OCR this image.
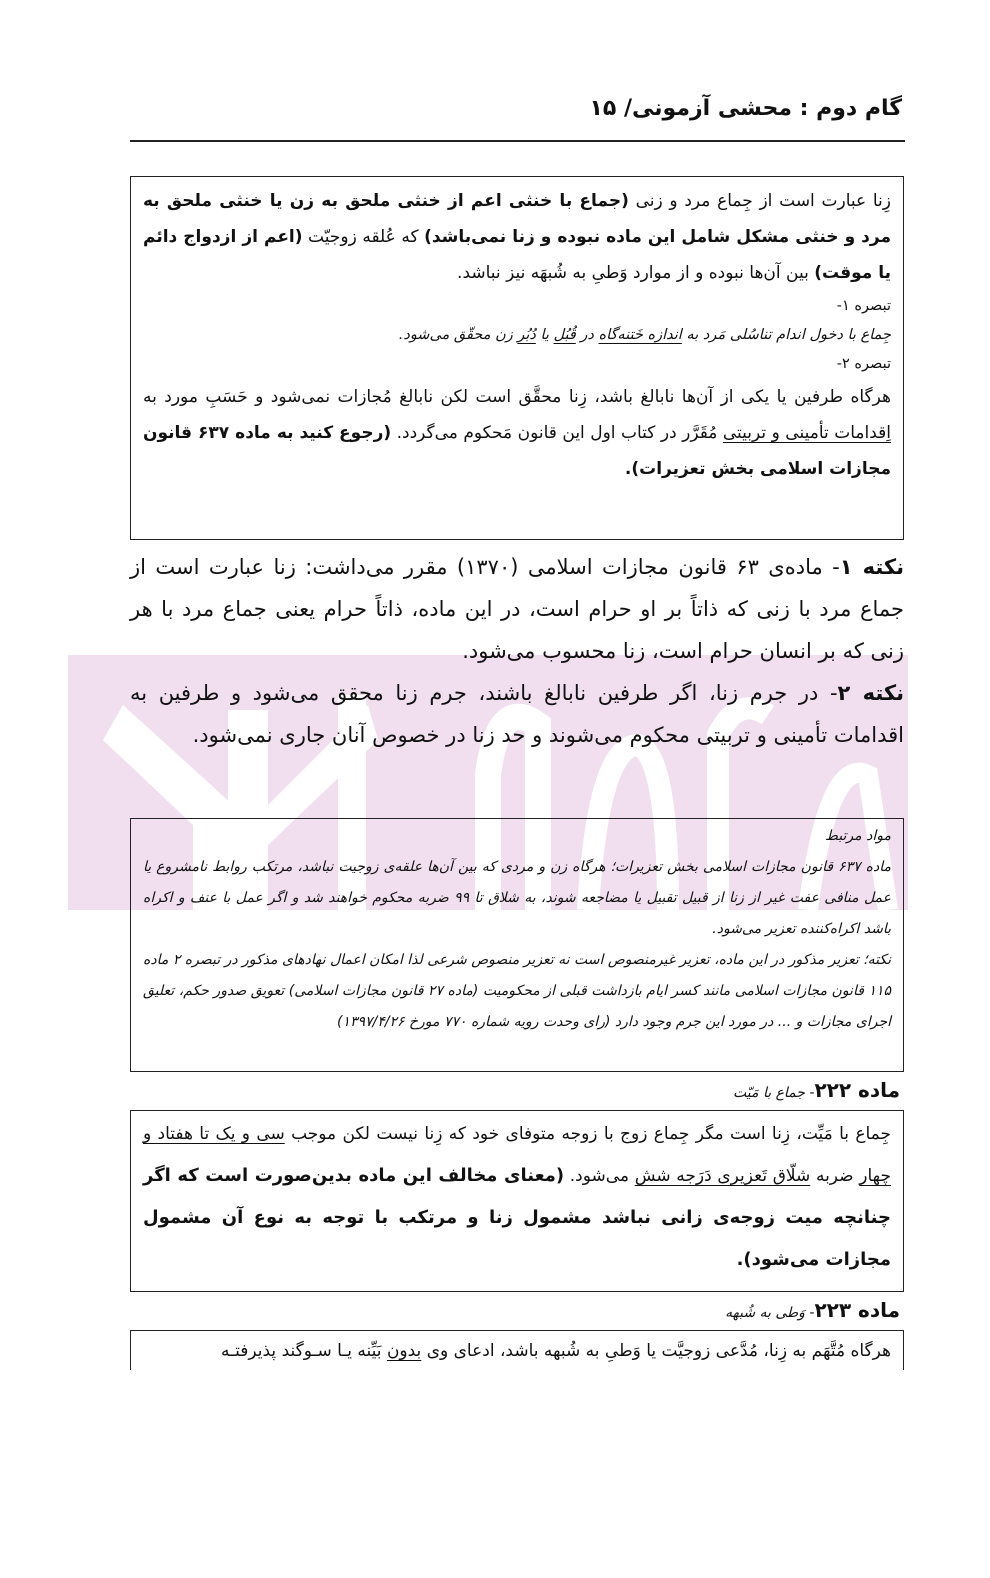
گام دوم : محشی آزمونی/ ۱۵

زِنا عبارت است از جِماع مرد و زنی (جماع با خنثی اعم از خنثی ملحق به زن یا خنثی ملحق به مرد و خنثی مشکل شامل این ماده نبوده و زنا نمی‌باشد) که عُلقه زوجیّت (اعم از ازدواج دائم یا موقت) بین آن‌ها نبوده و از موارد وَطیِ به شُبهَه نیز نباشد.

تبصره ۱-

جِماع با دخول اندام تناسُلی مَرد به اندازه خَتنه‌گاه در قُبُل یا دُبُر زن محقّق می‌شود.

تبصره ۲-

هرگاه طرفین یا یکی از آن‌ها نابالغ باشد، زِنا محقَّق است لکن نابالغ مُجازات نمی‌شود و حَسَبِ مورد به اِقدامات تأمینی و تربیتی مُقَرَّر در کتاب اول این قانون مَحکوم می‌گردد. (رجوع کنید به ماده ۶۳۷ قانون مجازات اسلامی بخش تعزیرات).

نکته ۱- ماده‌ی ۶۳ قانون مجازات اسلامی (۱۳۷۰) مقرر می‌داشت: زنا عبارت است از جماع مرد با زنی که ذاتاً بر او حرام است، در این ماده، ذاتاً حرام یعنی جماع مرد با هر زنی که بر انسان حرام است، زنا محسوب می‌شود.

نکته ۲- در جرم زنا، اگر طرفین نابالغ باشند، جرم زنا محقق می‌شود و طرفین به اقدامات تأمینی و تربیتی محکوم می‌شوند و حد زنا در خصوص آنان جاری نمی‌شود.

مواد مرتبط

ماده ۶۳۷ قانون مجازات اسلامی بخش تعزیرات؛ هرگاه زن و مردی که بین آن‌ها علقه‌ی زوجیت نباشد، مرتکب روابط نامشروع یا عمل منافی عفت غیر از زنا از قبیل تقبیل یا مضاجعه شوند، به شلاق تا ۹۹ ضربه محکوم خواهند شد و اگر عمل با عنف و اکراه باشد اکراه‌کننده تعزیر می‌شود.

نکته؛ تعزیر مذکور در این ماده، تعزیر غیرمنصوص است نه تعزیر منصوص شرعی لذا امکان اعمال نهادهای مذکور در تبصره ۲ ماده ۱۱۵ قانون مجازات اسلامی مانند کسر ایام بازداشت قبلی از محکومیت (ماده ۲۷ قانون مجازات اسلامی) تعویق صدور حکم، تعلیق اجرای مجازات و ... در مورد این جرم وجود دارد (رای وحدت رویه شماره ۷۷۰ مورخ ۱۳۹۷/۴/۲۶)

ماده ۲۲۲- جماع با مَیّت

جِماع با مَیِّت، زِنا است مگر جِماع زوج با زوجه متوفای خود که زِنا نیست لکن موجب سی و یک تا هفتاد و چهار ضربه شلّاق تَعزیری دَرَجه شش می‌شود. (معنای مخالف این ماده بدین‌صورت است که اگر چنانچه میت زوجه‌ی زانی نباشد مشمول زنا و مرتکب با توجه به نوع آن مشمول مجازات می‌شود).

ماده ۲۲۳- وَطی به شُبهه

هرگاه مُتَّهَم به زِنا، مُدَّعی زوجیَّت یا وَطیِ به شُبهه باشد، ادعای وی بدون بَیِّنه یـا سـوگند پذیرفتـه
